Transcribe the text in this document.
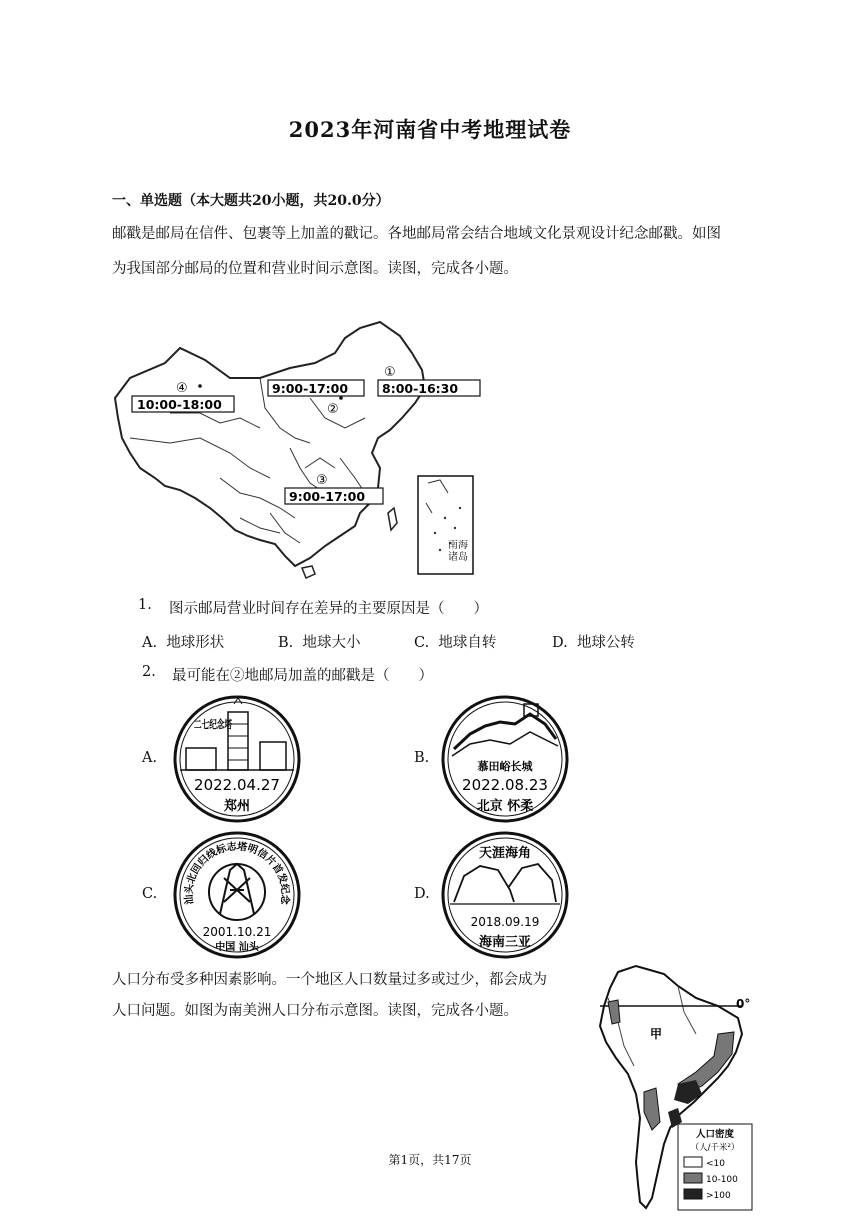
2023年河南省中考地理试卷
一、单选题（本大题共20小题，共20.0分）
邮戳是邮局在信件、包裹等上加盖的戳记。各地邮局常会结合地域文化景观设计纪念邮戳。如图
为我国部分邮局的位置和营业时间示意图。读图，完成各小题。
④
10:00-18:00
9:00-17:00
①
8:00-16:30
②
③
9:00-17:00
南海诸岛
1. 图示邮局营业时间存在差异的主要原因是（　　）
A. 地球形状	B. 地球大小	C. 地球自转	D. 地球公转
2. 最可能在②地邮局加盖的邮戳是（　　）
A.
二七纪念塔
2022.04.27
郑州
B.
慕田峪长城
2022.08.23
北京 怀柔
C.	汕头北回归线标志塔明信片首发纪念
2001.10.21
中国 汕头
D.
天涯海角
2018.09.19
海南三亚
人口分布受多种因素影响。一个地区人口数量过多或过少，都会成为
人口问题。如图为南美洲人口分布示意图。读图，完成各小题。	0°
甲
人口密度
（人/千米²）
<10
10-100
>100
第1页，共17页
